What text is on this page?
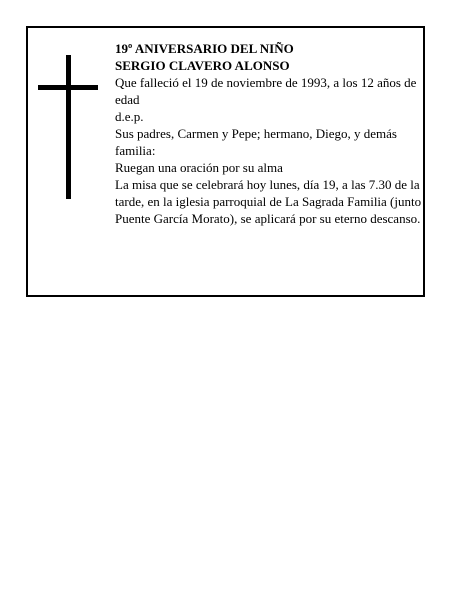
19º ANIVERSARIO DEL NIÑO

SERGIO CLAVERO ALONSO

Que falleció el 19 de noviembre de 1993, a los 12 años de edad

d.e.p.

Sus padres, Carmen y Pepe; hermano, Diego, y demás familia:

Ruegan una oración por su alma

La misa que se celebrará hoy lunes, día 19, a las 7.30 de la tarde, en la iglesia parroquial de La Sagrada Familia (junto Puente García Morato), se aplicará por su eterno descanso.
